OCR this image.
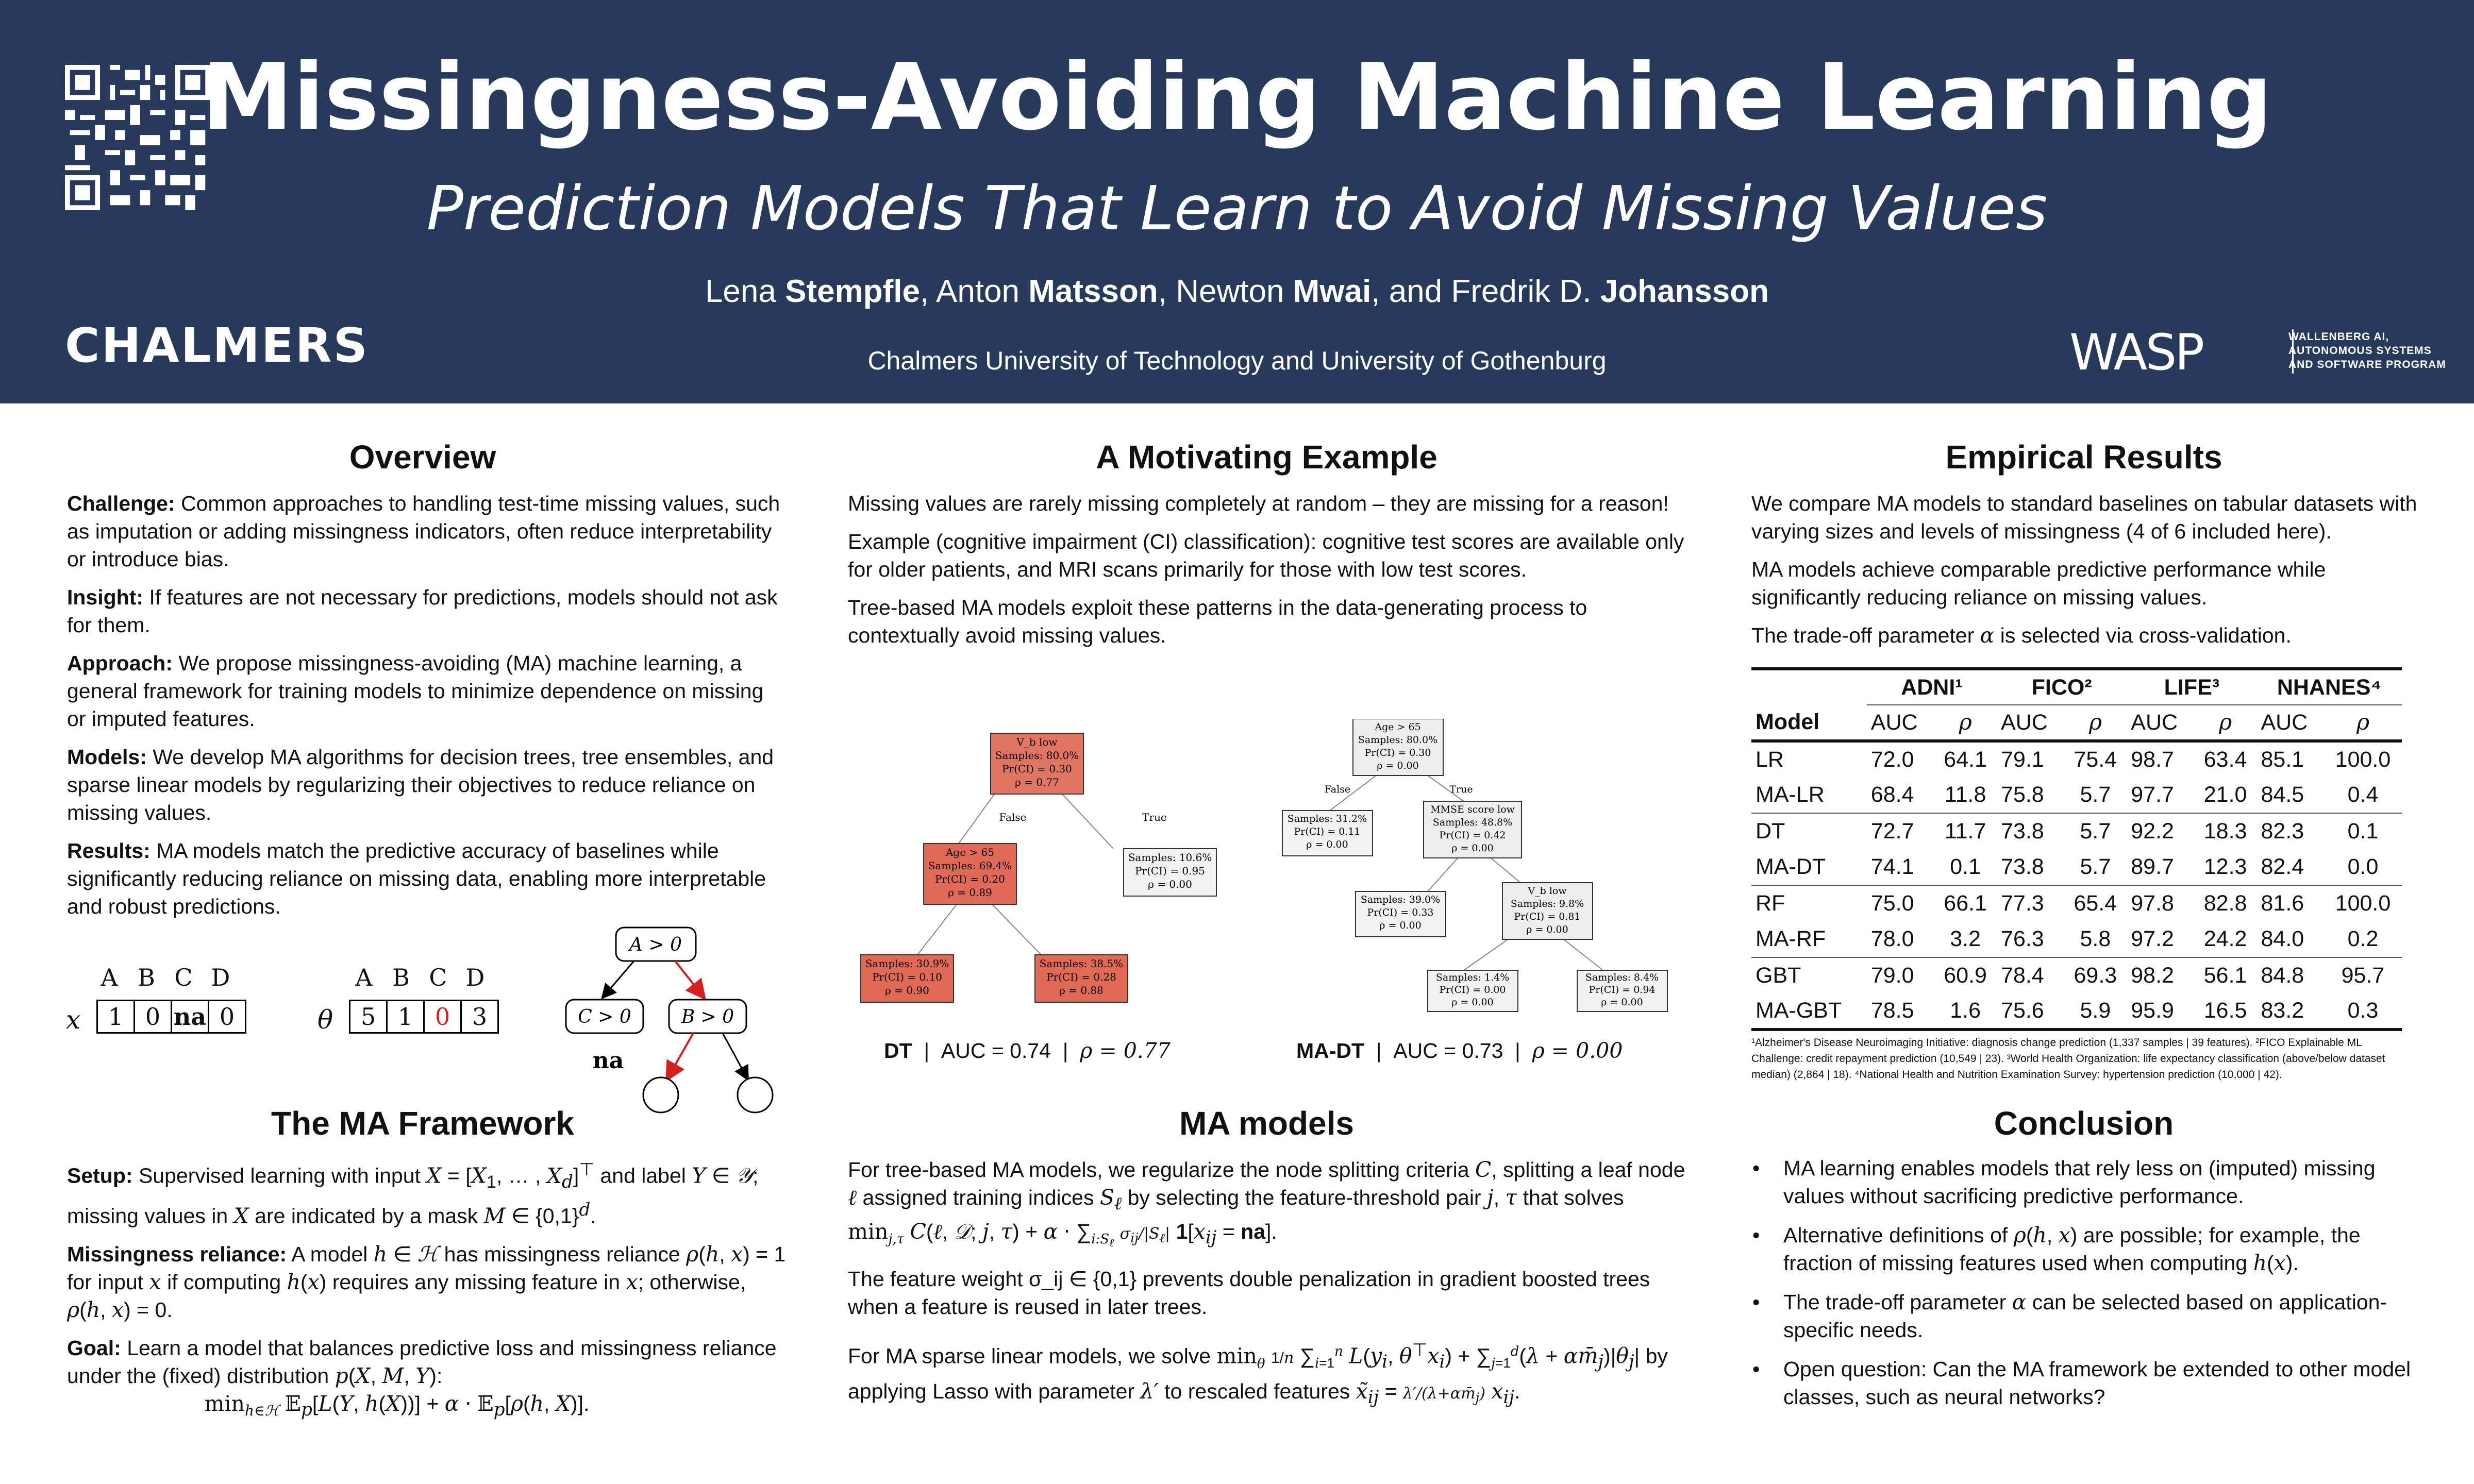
Missingness-Avoiding Machine Learning
Prediction Models That Learn to Avoid Missing Values
Lena Stempfle, Anton Matsson, Newton Mwai, and Fredrik D. Johansson
CHALMERS	Chalmers University of Technology and University of Gothenburg	WASP	WALLENBERG AI,
AUTONOMOUS SYSTEMS
AND SOFTWARE PROGRAM
Overview

Challenge: Common approaches to handling test-time missing values, such as imputation or adding missingness indicators, often reduce interpretability or introduce bias.

Insight: If features are not necessary for predictions, models should not ask for them.

Approach: We propose missingness-avoiding (MA) machine learning, a general framework for training models to minimize dependence on missing or imputed features.

Models: We develop MA algorithms for decision trees, tree ensembles, and sparse linear models by regularizing their objectives to reduce reliance on missing values.

Results: MA models match the predictive accuracy of baselines while significantly reducing reliance on missing data, enabling more interpretable and robust predictions.

A B C D
x	1 0 na 0
A B C D
θ	5 1 0 3
A > 0
C > 0	B > 0
na
The MA Framework

Setup: Supervised learning with input $X = [X_1$, … , $X_d]^⊤$ and label Y ∈ 𝒴; missing values in X are indicated by a mask M ∈ $\{0,1\}^d$.

Missingness reliance: A model h ∈ ℋ has missingness reliance ρ(h, x) = 1 for input x if computing h(x) requires any missing feature in x; otherwise, ρ(h, x) = 0.

Goal: Learn a model that balances predictive loss and missingness reliance under the (fixed) distribution p(X, M, Y):

$\min_{h\in ℋ}$ 𝔼$_p$[L(Y, h(X))] + α ⋅ 𝔼$_p$[ρ(h, X)].
A Motivating Example

Missing values are rarely missing completely at random – they are missing for a reason!

Example (cognitive impairment (CI) classification): cognitive test scores are available only for older patients, and MRI scans primarily for those with low test scores.

Tree-based MA models exploit these patterns in the data-generating process to contextually avoid missing values.

False	True
V_b low
Samples: 80.0%
Pr(CI) = 0.30
ρ = 0.77
Age > 65
Samples: 69.4%
Pr(CI) = 0.20
ρ = 0.89
Samples: 10.6%
Pr(CI) = 0.95
ρ = 0.00
Samples: 30.9%
Pr(CI) = 0.10
ρ = 0.90
Samples: 38.5%
Pr(CI) = 0.28
ρ = 0.88
DT  |  AUC = 0.74  |  ρ = 0.77
False	True
Age > 65
Samples: 80.0%
Pr(CI) = 0.30
ρ = 0.00
Samples: 31.2%
Pr(CI) = 0.11
ρ = 0.00
MMSE score low
Samples: 48.8%
Pr(CI) = 0.42
ρ = 0.00
Samples: 39.0%
Pr(CI) = 0.33
ρ = 0.00
V_b low
Samples: 9.8%
Pr(CI) = 0.81
ρ = 0.00
Samples: 1.4%
Pr(CI) = 0.00
ρ = 0.00
Samples: 8.4%
Pr(CI) = 0.94
ρ = 0.00
MA-DT  |  AUC = 0.73  |  ρ = 0.00
MA models

For tree-based MA models, we regularize the node splitting criteria C, splitting a leaf node ℓ assigned training indices $S_\ell$ by selecting the feature-threshold pair j, τ that solves $\min_{j,\tau}$ C(ℓ, 𝒟; j, $\tau) + \alpha \cdot \sum_{i:S_\ell}$ $\sigma_{ij}/|S_\ell|$ $1[x_{ij} = na]$.

The feature weight σ_ij ∈ {0,1} prevents double penalization in gradient boosted trees when a feature is reused in later trees.

For MA sparse linear models, we solve $\min_\theta 1/n$ $\sum_{i=1}^n$ $L(y_i$, $\theta^⊤x_i) + \sum_{j=1}^d(\lambda$ + $\alpha m̄_j)|\theta_j|$ by applying Lasso with parameter λ′ to rescaled features $x̃_{ij}$ = $\lambda'/(\lambda+\alpha m̄_j)$ $x_{ij}$.

Empirical Results

We compare MA models to standard baselines on tabular datasets with varying sizes and levels of missingness (4 of 6 included here).

MA models achieve comparable predictive performance while significantly reducing reliance on missing values.

The trade-off parameter α is selected via cross-validation.

	ADNI¹		FICO²		LIFE³		NHANES⁴	
Model	AUC	ρ	AUC	ρ	AUC	ρ	AUC	ρ
LR	72.0	64.1	79.1	75.4	98.7	63.4	85.1	100.0
MA-LR	68.4	11.8	75.8	5.7	97.7	21.0	84.5	0.4
DT	72.7	11.7	73.8	5.7	92.2	18.3	82.3	0.1
MA-DT	74.1	0.1	73.8	5.7	89.7	12.3	82.4	0.0
RF	75.0	66.1	77.3	65.4	97.8	82.8	81.6	100.0
MA-RF	78.0	3.2	76.3	5.8	97.2	24.2	84.0	0.2
GBT	79.0	60.9	78.4	69.3	98.2	56.1	84.8	95.7
MA-GBT	78.5	1.6	75.6	5.9	95.9	16.5	83.2	0.3
¹Alzheimer's Disease Neuroimaging Initiative: diagnosis change prediction (1,337 samples | 39 features). ²FICO Explainable ML Challenge: credit repayment prediction (10,549 | 23). ³World Health Organization: life expectancy classification (above/below dataset median) (2,864 | 18). ⁴National Health and Nutrition Examination Survey: hypertension prediction (10,000 | 42).
Conclusion
• MA learning enables models that rely less on (imputed) missing values without sacrificing predictive performance.
• Alternative definitions of ρ(h, x) are possible; for example, the fraction of missing features used when computing h(x).
• The trade-off parameter α can be selected based on application-specific needs.
• Open question: Can the MA framework be extended to other model classes, such as neural networks?
